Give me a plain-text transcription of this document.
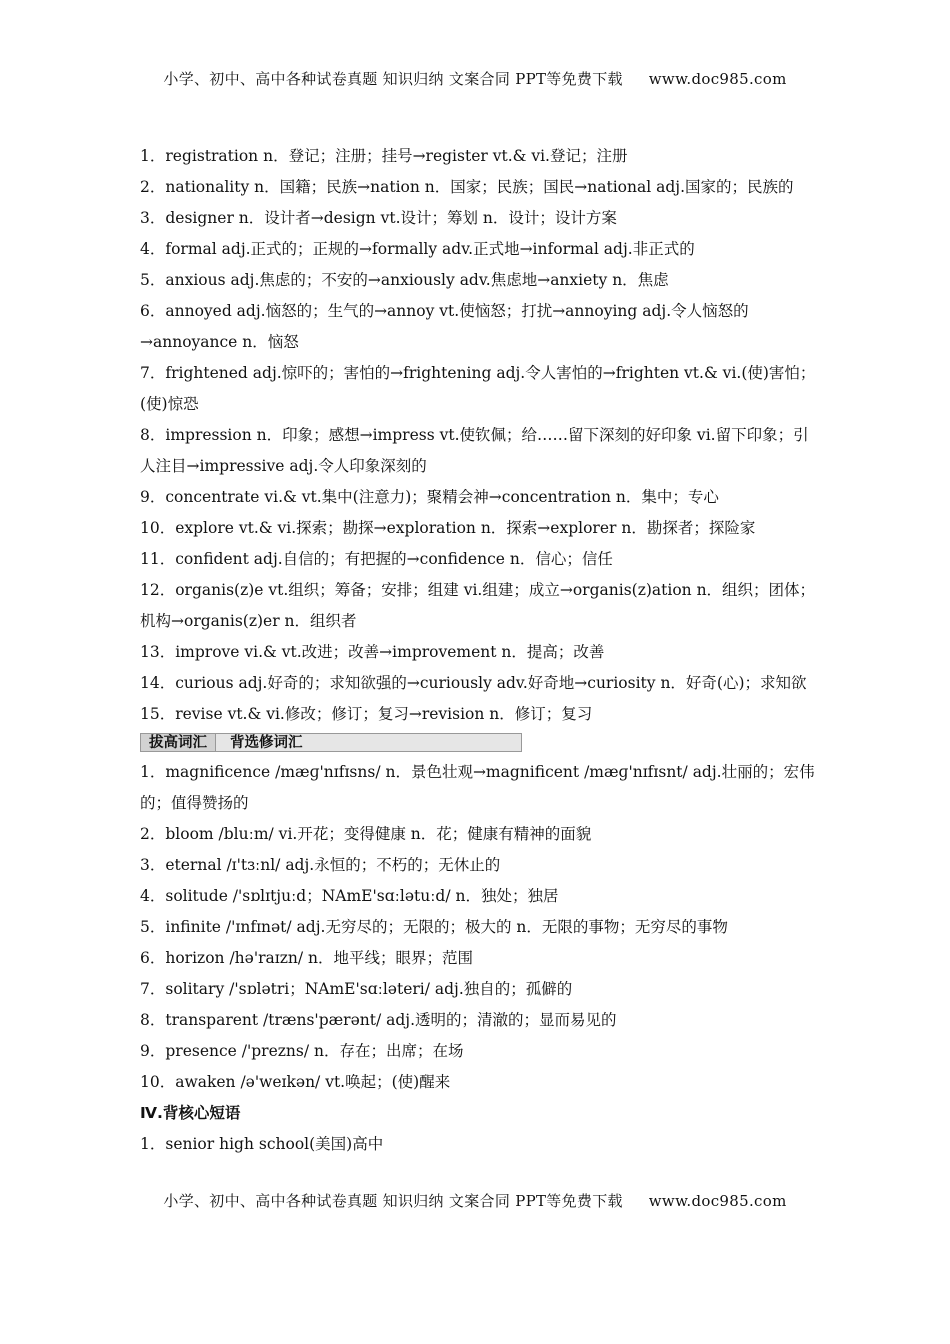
小学、初中、高中各种试卷真题 知识归纳 文案合同 PPT等免费下载 www.doc985.com

1．registration n．登记；注册；挂号→register vt.& vi.登记；注册

2．nationality n．国籍；民族→nation n．国家；民族；国民→national adj.国家的；民族的

3．designer n．设计者→design vt.设计；筹划 n．设计；设计方案

4．formal adj.正式的；正规的→formally adv.正式地→informal adj.非正式的

5．anxious adj.焦虑的；不安的→anxiously adv.焦虑地→anxiety n．焦虑

6．annoyed adj.恼怒的；生气的→annoy vt.使恼怒；打扰→annoying adj.令人恼怒的→annoyance n．恼怒

7．frightened adj.惊吓的；害怕的→frightening adj.令人害怕的→frighten vt.& vi.(使)害怕；(使)惊恐

8．impression n．印象；感想→impress vt.使钦佩；给……留下深刻的好印象 vi.留下印象；引人注目→impressive adj.令人印象深刻的

9．concentrate vi.& vt.集中(注意力)；聚精会神→concentration n．集中；专心

10．explore vt.& vi.探索；勘探→exploration n．探索→explorer n．勘探者；探险家

11．confident adj.自信的；有把握的→confidence n．信心；信任

12．organis(z)e vt.组织；筹备；安排；组建 vi.组建；成立→organis(z)ation n．组织；团体；机构→organis(z)er n．组织者

13．improve vi.& vt.改进；改善→improvement n．提高；改善

14．curious adj.好奇的；求知欲强的→curiously adv.好奇地→curiosity n．好奇(心)；求知欲

15．revise vt.& vi.修改；修订；复习→revision n．修订；复习

拔高词汇	背选修词汇

1．magnificence /mæɡ'nɪfɪsns/ n．景色壮观→magnificent /mæɡ'nɪfɪsnt/ adj.壮丽的；宏伟的；值得赞扬的

2．bloom /bluːm/ vi.开花；变得健康 n．花；健康有精神的面貌

3．eternal /ɪ'tɜːnl/ adj.永恒的；不朽的；无休止的

4．solitude /'sɒlɪtjuːd；NAmE'sɑːlətuːd/ n．独处；独居

5．infinite /'ɪnfɪnət/ adj.无穷尽的；无限的；极大的 n．无限的事物；无穷尽的事物

6．horizon /hə'raɪzn/ n．地平线；眼界；范围

7．solitary /'sɒlətri；NAmE'sɑːləteri/ adj.独自的；孤僻的

8．transparent /træns'pærənt/ adj.透明的；清澈的；显而易见的

9．presence /'prezns/ n．存在；出席；在场

10．awaken /ə'weɪkən/ vt.唤起；(使)醒来

Ⅳ.背核心短语

1．senior high school(美国)高中

小学、初中、高中各种试卷真题 知识归纳 文案合同 PPT等免费下载 www.doc985.com
